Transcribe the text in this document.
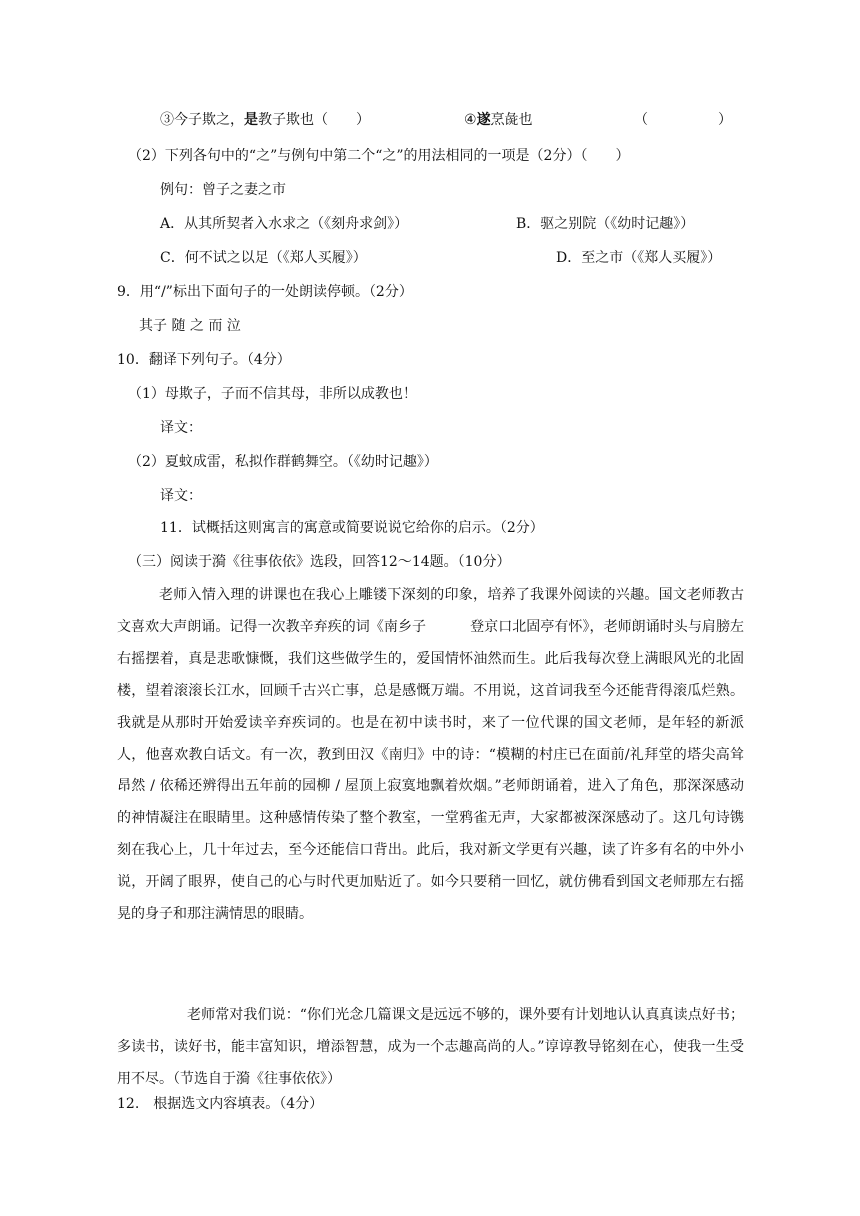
③今子欺之，是教子欺也（　　）	④遂烹彘也	（	）
（2）下列各句中的“之”与例句中第二个“之”的用法相同的一项是（2分）（　　）
例句：曾子之妻之市
A．从其所契者入水求之（《刻舟求剑》）	B．驱之别院（《幼时记趣》）
C．何不试之以足（《郑人买履》）	D．至之市（《郑人买履》）
9．用“/”标出下面句子的一处朗读停顿。（2分）
其子 随 之 而 泣
10．翻译下列句子。（4分）
（1）母欺子，子而不信其母，非所以成教也！
译文：
（2）夏蚊成雷，私拟作群鹤舞空。（《幼时记趣》）
译文：
11．试概括这则寓言的寓意或简要说说它给你的启示。（2分）
（三）阅读于漪《往事依依》选段，回答12～14题。（10分）
老师入情入理的讲课也在我心上雕镂下深刻的印象，培养了我课外阅读的兴趣。国文老师教古文喜欢大声朗诵。记得一次教辛弃疾的词《南乡子	登京口北固亭有怀》，老师朗诵时头与肩膀左右摇摆着，真是悲歌慷慨，我们这些做学生的，爱国情怀油然而生。此后我每次登上满眼风光的北固楼，望着滚滚长江水，回顾千古兴亡事，总是感慨万端。不用说，这首词我至今还能背得滚瓜烂熟。我就是从那时开始爱读辛弃疾词的。也是在初中读书时，来了一位代课的国文老师，是年轻的新派人，他喜欢教白话文。有一次，教到田汉《南归》中的诗：“模糊的村庄已在面前/礼拜堂的塔尖高耸昂然 / 依稀还辨得出五年前的园柳 / 屋顶上寂寞地飘着炊烟。”老师朗诵着，进入了角色，那深深感动的神情凝注在眼睛里。这种感情传染了整个教室，一堂鸦雀无声，大家都被深深感动了。这几句诗镌刻在我心上，几十年过去，至今还能信口背出。此后，我对新文学更有兴趣，读了许多有名的中外小说，开阔了眼界，使自己的心与时代更加贴近了。如今只要稍一回忆，就仿佛看到国文老师那左右摇晃的身子和那注满情思的眼睛。
老师常对我们说：“你们光念几篇课文是远远不够的，课外要有计划地认认真真读点好书；多读书，读好书，能丰富知识，增添智慧，成为一个志趣高尚的人。”谆谆教导铭刻在心，使我一生受用不尽。（节选自于漪《往事依依》）
12.　根据选文内容填表。（4分）
